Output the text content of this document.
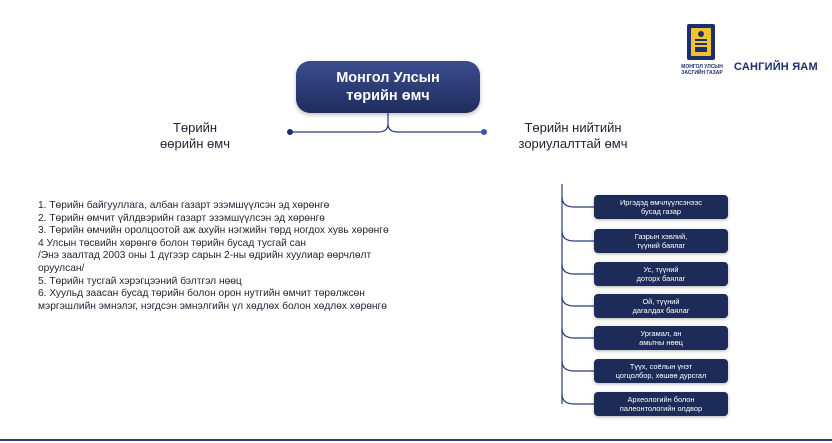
МОНГОЛ УЛСЫН
ЗАСГИЙН ГАЗАР	САНГИЙН ЯАМ
Монгол Улсын
төрийн өмч
Төрийн
өөрийн өмч
Төрийн нийтийн
зориулалттай өмч
1. Төрийн байгууллага, албан газарт эзэмшүүлсэн эд хөрөнгө
2. Төрийн өмчит үйлдвэрийн газарт эзэмшүүлсэн эд хөрөнгө
3. Төрийн өмчийн оролцоотой аж ахуйн нэгжийн төрд ногдох хувь хөрөнгө
4 Улсын төсвийн хөрөнгө болон төрийн бусад тусгай сан
/Энэ заалтад 2003 оны 1 дүгээр сарын 2-ны өдрийн хуулиар өөрчлөлт
оруулсан/
5. Төрийн тусгай хэрэгцээний бэлтгэл нөөц
6. Хуульд заасан бусад төрийн болон орон нутгийн өмчит төрөлжсөн
мэргэшлийн эмнэлэг, нэгдсэн эмнэлгийн үл хөдлөх болон хөдлөх хөрөнгө
Иргэдэд өмчлүүлсэнээс
бусад газар
Газрын хэвлий,
түүний баялаг
Ус, түүний
доторх баялаг
Ой, түүний
дагалдах баялаг
Ургамал, ан
амьтны нөөц
Түүх, соёлын үнэт
цогцолбор, хөшөө дурсгал
Археологийн болон
палеонтологийн олдвор
